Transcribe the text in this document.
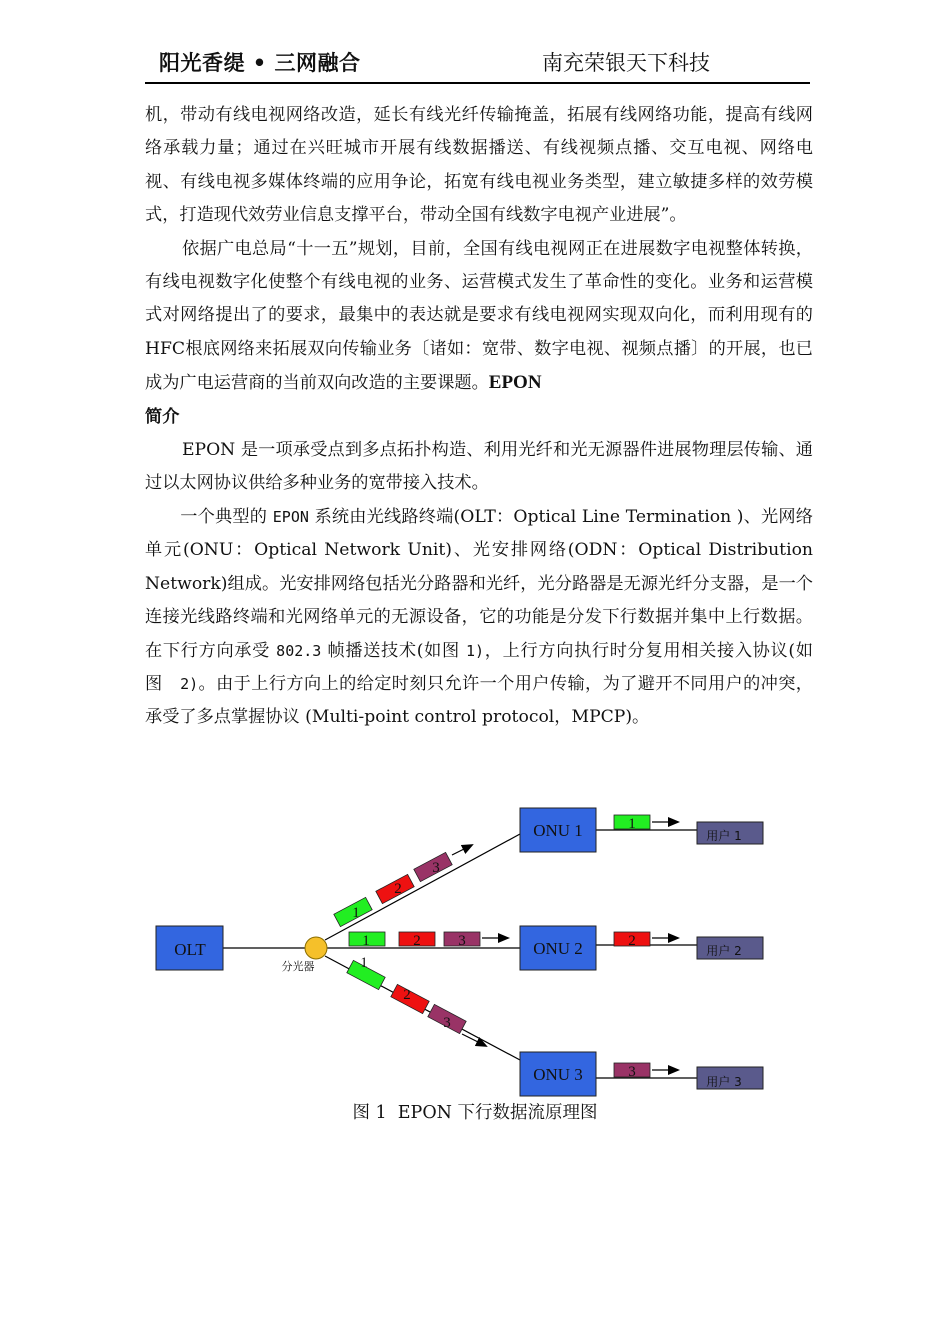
阳光香缇 • 三网融合	南充荣银天下科技

机，带动有线电视网络改造，延长有线光纤传输掩盖，拓展有线网络功能，提高有线网络承载力量；通过在兴旺城市开展有线数据播送、有线视频点播、交互电视、网络电视、有线电视多媒体终端的应用争论，拓宽有线电视业务类型，建立敏捷多样的效劳模式，打造现代效劳业信息支撑平台，带动全国有线数字电视产业进展”。

依据广电总局“十一五”规划，目前，全国有线电视网正在进展数字电视整体转换，有线电视数字化使整个有线电视的业务、运营模式发生了革命性的变化。业务和运营模式对网络提出了的要求，最集中的表达就是要求有线电视网实现双向化，而利用现有的HFC根底网络来拓展双向传输业务〔诸如：宽带、数字电视、视频点播〕的开展，也已成为广电运营商的当前双向改造的主要课题。EPON

简介

EPON 是一项承受点到多点拓扑构造、利用光纤和光无源器件进展物理层传输、通过以太网协议供给多种业务的宽带接入技术。

一个典型的 EPON 系统由光线路终端(OLT：Optical Line Termination )、光网络单元(ONU：Optical Network Unit)、光安排网络(ODN：Optical Distribution Network)组成。光安排网络包括光分路器和光纤，光分路器是无源光纤分支器，是一个连接光线路终端和光网络单元的无源设备，它的功能是分发下行数据并集中上行数据。在下行方向承受 802.3 帧播送技术(如图 1)，上行方向执行时分复用相关接入协议(如图 2)。由于上行方向上的给定时刻只允许一个用户传输，为了避开不同用户的冲突，承受了多点掌握协议 (Multi-point control protocol，MPCP)。

OLT
分光器
ONU 1
ONU 2
ONU 3
用户 1
用户 2
用户 3
1
2
3
1	2	3
1
2
3
1
2
3
图 1 EPON 下行数据流原理图
